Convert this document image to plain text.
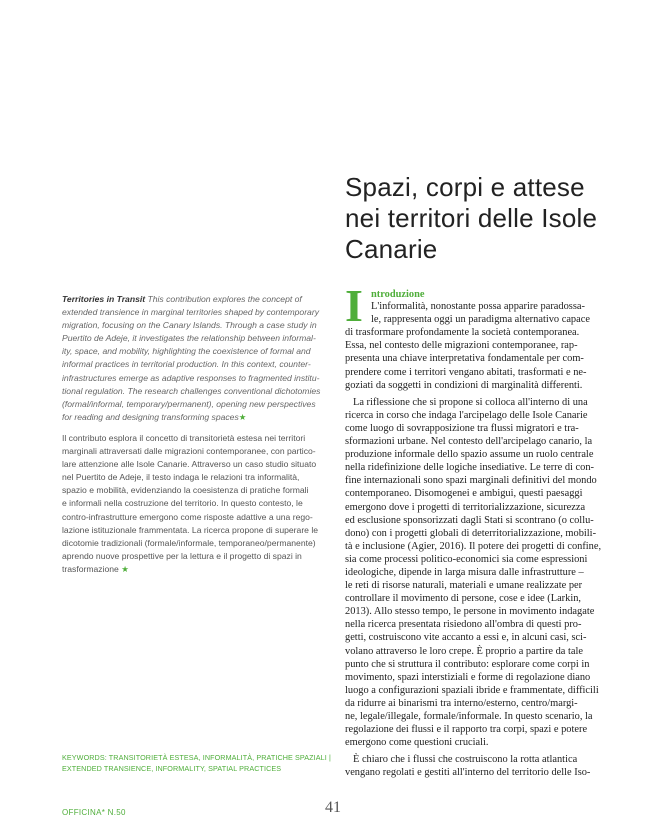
Spazi, corpi e attese
nei territori delle Isole
Canarie
Territories in Transit This contribution explores the concept of
extended transience in marginal territories shaped by contemporary
migration, focusing on the Canary Islands. Through a case study in
Puertito de Adeje, it investigates the relationship between informal-
ity, space, and mobility, highlighting the coexistence of formal and
informal practices in territorial production. In this context, counter-
infrastructures emerge as adaptive responses to fragmented institu-
tional regulation. The research challenges conventional dichotomies
(formal/informal, temporary/permanent), opening new perspectives
for reading and designing transforming spaces★
Il contributo esplora il concetto di transitorietà estesa nei territori
marginali attraversati dalle migrazioni contemporanee, con partico-
lare attenzione alle Isole Canarie. Attraverso un caso studio situato
nel Puertito de Adeje, il testo indaga le relazioni tra informalità,
spazio e mobilità, evidenziando la coesistenza di pratiche formali
e informali nella costruzione del territorio. In questo contesto, le
contro-infrastrutture emergono come risposte adattive a una rego-
lazione istituzionale frammentata. La ricerca propone di superare le
dicotomie tradizionali (formale/informale, temporaneo/permanente)
aprendo nuove prospettive per la lettura e il progetto di spazi in
trasformazione ★
KEYWORDS: TRANSITORIETÀ ESTESA, INFORMALITÀ, PRATICHE SPAZIALI |
EXTENDED TRANSIENCE, INFORMALITY, SPATIAL PRACTICES
I ntroduzione
L'informalità, nonostante possa apparire paradossa-
le, rappresenta oggi un paradigma alternativo capace
di trasformare profondamente la società contemporanea.
Essa, nel contesto delle migrazioni contemporanee, rap-
presenta una chiave interpretativa fondamentale per com-
prendere come i territori vengano abitati, trasformati e ne-
goziati da soggetti in condizioni di marginalità differenti.
La riflessione che si propone si colloca all'interno di una
ricerca in corso che indaga l'arcipelago delle Isole Canarie
come luogo di sovrapposizione tra flussi migratori e tra-
sformazioni urbane. Nel contesto dell'arcipelago canario, la
produzione informale dello spazio assume un ruolo centrale
nella ridefinizione delle logiche insediative. Le terre di con-
fine internazionali sono spazi marginali definitivi del mondo
contemporaneo. Disomogenei e ambigui, questi paesaggi
emergono dove i progetti di territorializzazione, sicurezza
ed esclusione sponsorizzati dagli Stati si scontrano (o collu-
dono) con i progetti globali di deterritorializzazione, mobili-
tà e inclusione (Agier, 2016). Il potere dei progetti di confine,
sia come processi politico-economici sia come espressioni
ideologiche, dipende in larga misura dalle infrastrutture –
le reti di risorse naturali, materiali e umane realizzate per
controllare il movimento di persone, cose e idee (Larkin,
2013). Allo stesso tempo, le persone in movimento indagate
nella ricerca presentata risiedono all'ombra di questi pro-
getti, costruiscono vite accanto a essi e, in alcuni casi, sci-
volano attraverso le loro crepe. È proprio a partire da tale
punto che si struttura il contributo: esplorare come corpi in
movimento, spazi interstiziali e forme di regolazione diano
luogo a configurazioni spaziali ibride e frammentate, difficili
da ridurre ai binarismi tra interno/esterno, centro/margi-
ne, legale/illegale, formale/informale. In questo scenario, la
regolazione dei flussi e il rapporto tra corpi, spazi e potere
emergono come questioni cruciali.
È chiaro che i flussi che costruiscono la rotta atlantica
vengano regolati e gestiti all'interno del territorio delle Iso-
OFFICINA* N.50	41
